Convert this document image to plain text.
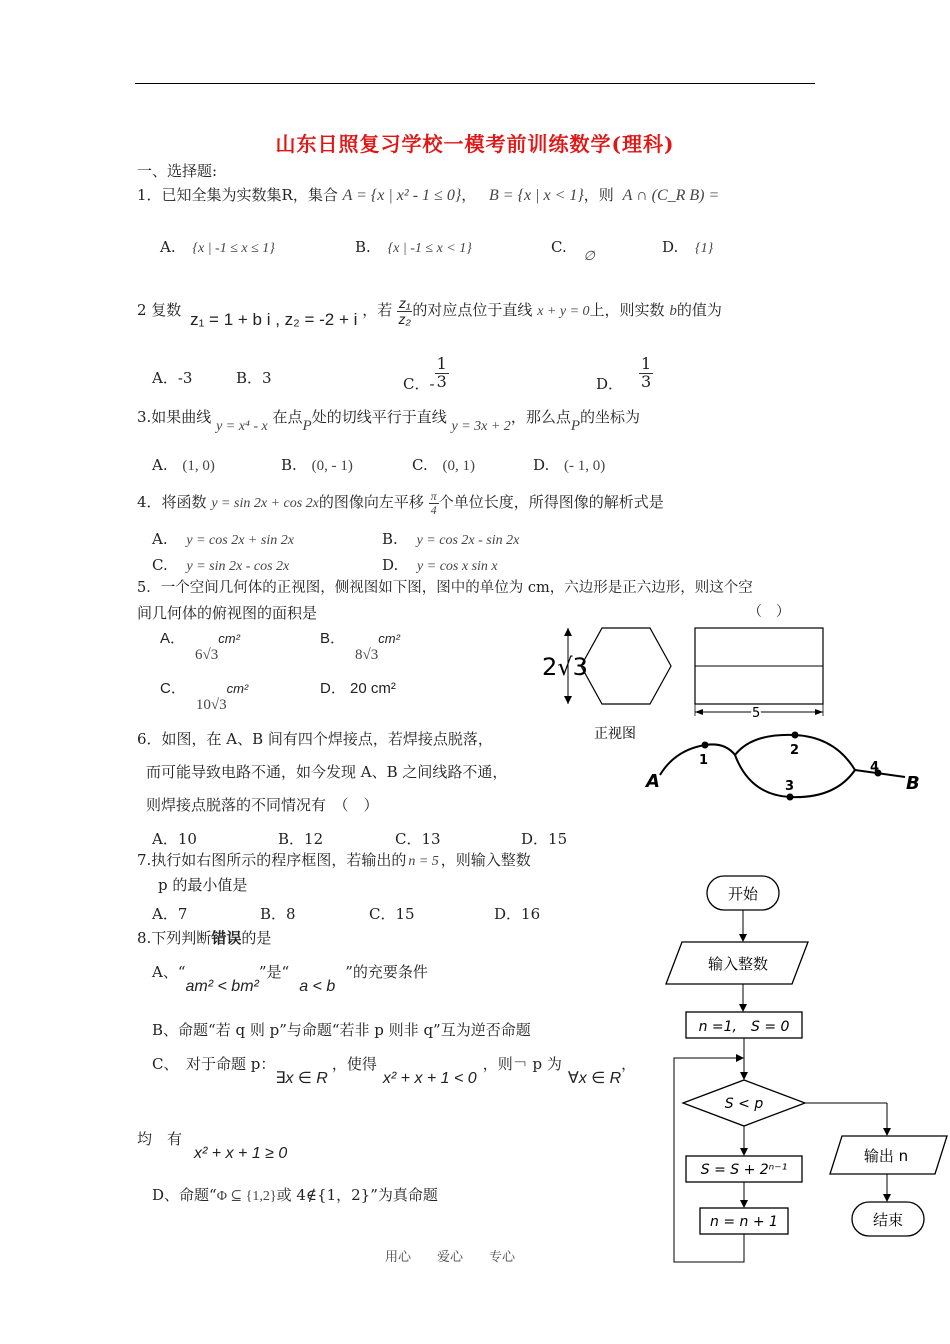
山东日照复习学校一模考前训练数学(理科)
一、选择题:
1．已知全集为实数集R，集合 A = {x | x² - 1 ≤ 0}， B = {x | x < 1}，则 A ∩ (C_R B) =
A. {x | -1 ≤ x ≤ 1}	B. {x | -1 ≤ x < 1}	C. ∅	D. {1}
2 复数 z₁ = 1 + b i , z₂ = -2 + i ，若 $\frac{\text{z₁}}{\text{z₂}}$ 的对应点位于直线 x + y = 0上，则实数 b的值为
A．-3	B．3	C．- $\frac{1}{3}$	D． $\frac{1}{3}$
3.如果曲线 y = x⁴ - x 在点P处的切线平行于直线 y = 3x + 2，那么点P的坐标为
A. (1, 0)	B. (0, - 1)	C. (0, 1)	D. (- 1, 0)
4．将函数 y = sin 2x + cos 2x的图像向左平移 $\frac{\pi}{4}$ 个单位长度，所得图像的解析式是
A. y = cos 2x + sin 2x	B. y = cos 2x - sin 2x
C. y = sin 2x - cos 2x	D. y = cos x sin x
5．一个空间几何体的正视图，侧视图如下图，图中的单位为 cm，六边形是正六边形，则这个空
间几何体的俯视图的面积是	（　）
A．6√3cm²	B．8√3cm²
C．10√3cm²	D． 20 cm²
2√3
5
正视图
6．如图，在 A、B 间有四个焊接点，若焊接点脱落，
而可能导致电路不通，如今发现 A、B 之间线路不通，
则焊接点脱落的不同情况有　（　）
A．10	B．12	C．13	D．15
A	B
1
2
3
4
7.执行如右图所示的程序框图，若输出的 n = 5 ，则输入整数
p 的最小值是
A．7	B．8	C．15	D．16
开始
输入整数
n =1,　S = 0
S < p
输出 n
结束
S = S + 2ⁿ⁻¹
n = n + 1
8.下列判断错误的是
A、“am² < bm²”是“a < b”的充要条件
B、命题“若 q 则 p”与命题“若非 p 则非 q”互为逆否命题
C、　对于命题 p：∃x ∈ R，使得x² + x + 1 < 0，则￢ p 为∀x ∈ R，
均　有x² + x + 1 ≥ 0
D、命题“Φ ⊆ {1,2}或 4∉{1，2}”为真命题
用心　　爱心　　专心
